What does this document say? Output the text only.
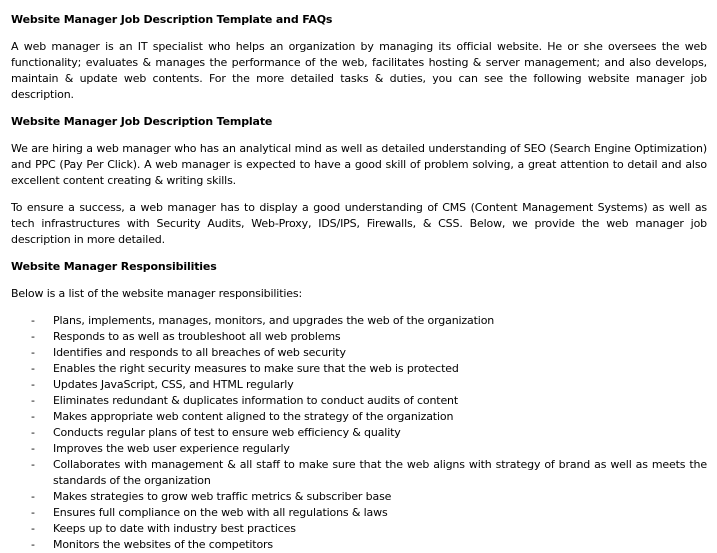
Website Manager Job Description Template and FAQs
A web manager is an IT specialist who helps an organization by managing its official website. He or she oversees the web functionality; evaluates & manages the performance of the web, facilitates hosting & server management; and also develops, maintain & update web contents. For the more detailed tasks & duties, you can see the following website manager job description.
Website Manager Job Description Template
We are hiring a web manager who has an analytical mind as well as detailed understanding of SEO (Search Engine Optimization) and PPC (Pay Per Click). A web manager is expected to have a good skill of problem solving, a great attention to detail and also excellent content creating & writing skills.
To ensure a success, a web manager has to display a good understanding of CMS (Content Management Systems) as well as tech infrastructures with Security Audits, Web-Proxy, IDS/IPS, Firewalls, & CSS. Below, we provide the web manager job description in more detailed.
Website Manager Responsibilities
Below is a list of the website manager responsibilities:
- Plans, implements, manages, monitors, and upgrades the web of the organization
- Responds to as well as troubleshoot all web problems
- Identifies and responds to all breaches of web security
- Enables the right security measures to make sure that the web is protected
- Updates JavaScript, CSS, and HTML regularly
- Eliminates redundant & duplicates information to conduct audits of content
- Makes appropriate web content aligned to the strategy of the organization
- Conducts regular plans of test to ensure web efficiency & quality
- Improves the web user experience regularly
- Collaborates with management & all staff to make sure that the web aligns with strategy of brand as well as meets the standards of the organization
- Makes strategies to grow web traffic metrics & subscriber base
- Ensures full compliance on the web with all regulations & laws
- Keeps up to date with industry best practices
- Monitors the websites of the competitors
